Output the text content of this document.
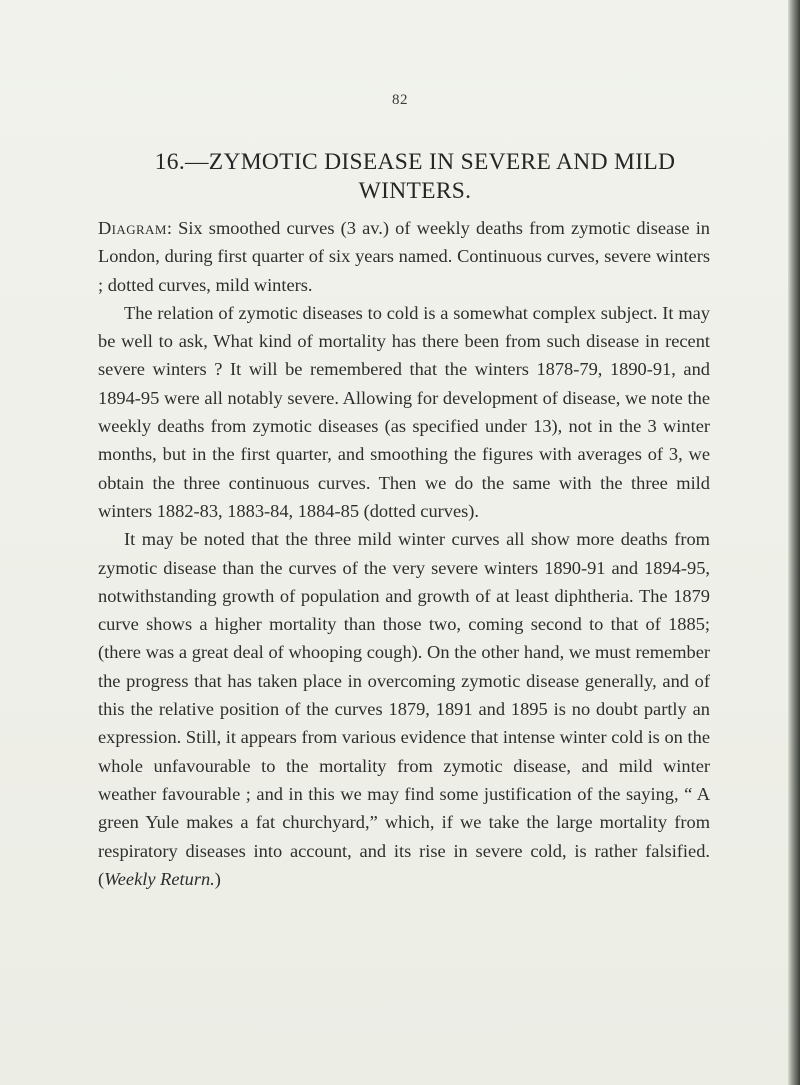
82
16.—ZYMOTIC DISEASE IN SEVERE AND MILD
WINTERS.

Diagram: Six smoothed curves (3 av.) of weekly deaths from zymotic disease in London, during first quarter of six years named. Continuous curves, severe winters ; dotted curves, mild winters.

The relation of zymotic diseases to cold is a somewhat complex subject. It may be well to ask, What kind of mortality has there been from such disease in recent severe winters ? It will be remembered that the winters 1878-79, 1890-91, and 1894-95 were all notably severe. Allowing for development of disease, we note the weekly deaths from zymotic diseases (as specified under 13), not in the 3 winter months, but in the first quarter, and smoothing the figures with averages of 3, we obtain the three continuous curves. Then we do the same with the three mild winters 1882-83, 1883-84, 1884-85 (dotted curves).

It may be noted that the three mild winter curves all show more deaths from zymotic disease than the curves of the very severe winters 1890-91 and 1894-95, notwithstanding growth of population and growth of at least diphtheria. The 1879 curve shows a higher mortality than those two, coming second to that of 1885; (there was a great deal of whooping cough). On the other hand, we must remember the progress that has taken place in overcoming zymotic disease generally, and of this the relative position of the curves 1879, 1891 and 1895 is no doubt partly an expression. Still, it appears from various evidence that intense winter cold is on the whole unfavourable to the mortality from zymotic disease, and mild winter weather favourable ; and in this we may find some justification of the saying, “ A green Yule makes a fat churchyard,” which, if we take the large mortality from respiratory diseases into account, and its rise in severe cold, is rather falsified. (Weekly Return.)
